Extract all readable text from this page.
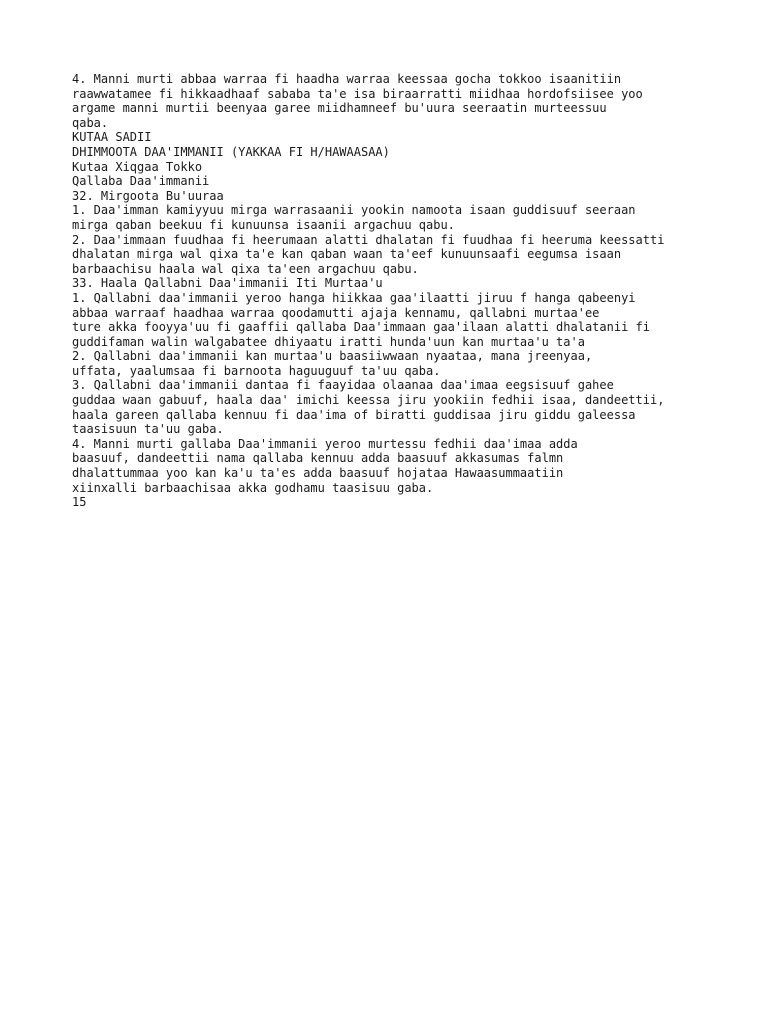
4. Manni murti abbaa warraa fi haadha warraa keessaa gocha tokkoo isaanitiin

raawwatamee fi hikkaadhaaf sababa ta'e isa biraarratti miidhaa hordofsiisee yoo

argame manni murtii beenyaa garee miidhamneef bu'uura seeraatin murteessuu

qaba.

KUTAA SADII

DHIMMOOTA DAA'IMMANII (YAKKAA FI H/HAWAASAA)

Kutaa Xiqgaa Tokko

Qallaba Daa'immanii

32. Mirgoota Bu'uuraa

1. Daa'imman kamiyyuu mirga warrasaanii yookin namoota isaan guddisuuf seeraan

mirga qaban beekuu fi kunuunsa isaanii argachuu qabu.

2. Daa'immaan fuudhaa fi heerumaan alatti dhalatan fi fuudhaa fi heeruma keessatti

dhalatan mirga wal qixa ta'e kan qaban waan ta'eef kunuunsaafi eegumsa isaan

barbaachisu haala wal qixa ta'een argachuu qabu.

33. Haala Qallabni Daa'immanii Iti Murtaa'u

1. Qallabni daa'immanii yeroo hanga hiikkaa gaa'ilaatti jiruu f hanga qabeenyi

abbaa warraaf haadhaa warraa qoodamutti ajaja kennamu, qallabni murtaa'ee

ture akka fooyya'uu fi gaaffii qallaba Daa'immaan gaa'ilaan alatti dhalatanii fi

guddifaman walin walgabatee dhiyaatu iratti hunda'uun kan murtaa'u ta'a

2. Qallabni daa'immanii kan murtaa'u baasiiwwaan nyaataa, mana jreenyaa,

uffata, yaalumsaa fi barnoota haguuguuf ta'uu qaba.

3. Qallabni daa'immanii dantaa fi faayidaa olaanaa daa'imaa eegsisuuf gahee

guddaa waan gabuuf, haala daa' imichi keessa jiru yookiin fedhii isaa, dandeettii,

haala gareen qallaba kennuu fi daa'ima of biratti guddisaa jiru giddu galeessa

taasisuun ta'uu gaba.

4. Manni murti gallaba Daa'immanii yeroo murtessu fedhii daa'imaa adda

baasuuf, dandeettii nama qallaba kennuu adda baasuuf akkasumas falmn

dhalattummaa yoo kan ka'u ta'es adda baasuuf hojataa Hawaasummaatiin

xiinxalli barbaachisaa akka godhamu taasisuu gaba.

15
